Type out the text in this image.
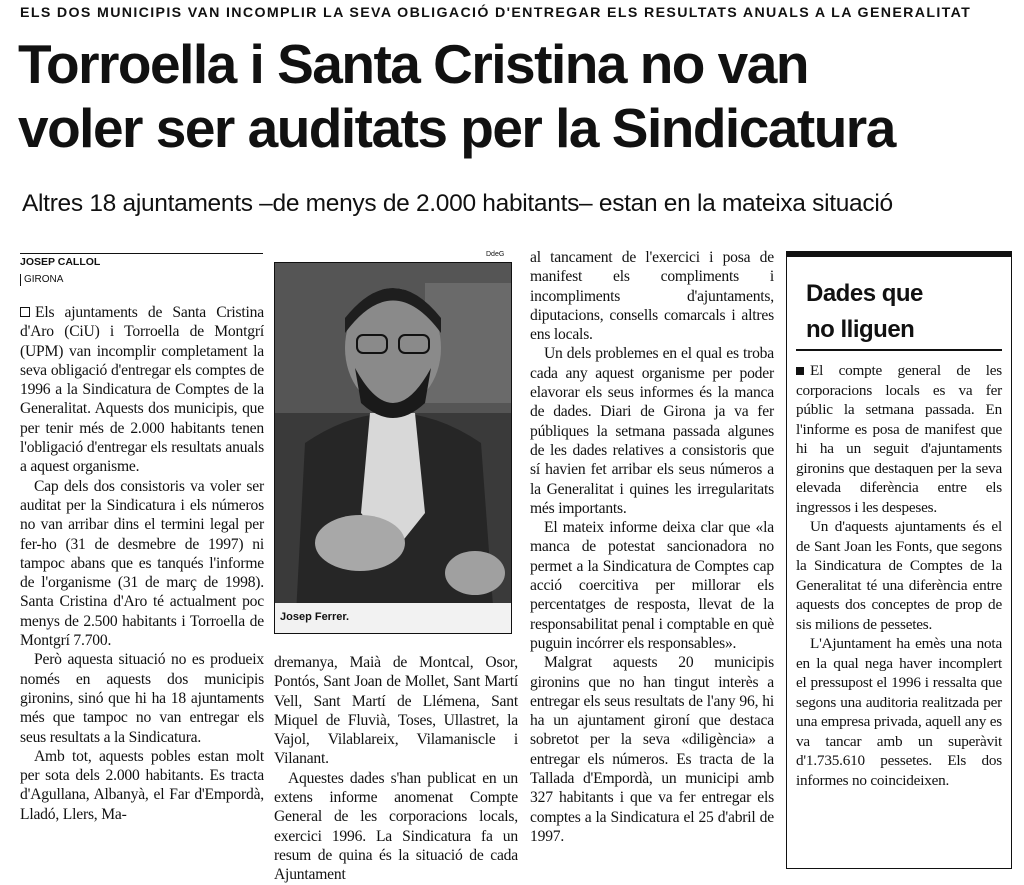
ELS DOS MUNICIPIS VAN INCOMPLIR LA SEVA OBLIGACIÓ D'ENTREGAR ELS RESULTATS ANUALS A LA GENERALITAT
Torroella i Santa Cristina no van
voler ser auditats per la Sindicatura
Altres 18 ajuntaments –de menys de 2.000 habitants– estan en la mateixa situació
JOSEP CALLOL
GIRONA

Els ajuntaments de Santa Cristina d'Aro (CiU) i Torroella de Montgrí (UPM) van incomplir completament la seva obligació d'entregar els comptes de 1996 a la Sindicatura de Comptes de la Generalitat. Aquests dos municipis, que per tenir més de 2.000 habitants tenen l'obligació d'entregar els resultats anuals a aquest organisme.

Cap dels dos consistoris va voler ser auditat per la Sindicatura i els números no van arribar dins el termini legal per fer-ho (31 de desmebre de 1997) ni tampoc abans que es tanqués l'informe de l'organisme (31 de març de 1998). Santa Cristina d'Aro té actualment poc menys de 2.500 habitants i Torroella de Montgrí 7.700.

Però aquesta situació no es produeix només en aquests dos municipis gironins, sinó que hi ha 18 ajuntaments més que tampoc no van entregar els seus resultats a la Sindicatura.

Amb tot, aquests pobles estan molt per sota dels 2.000 habitants. Es tracta d'Agullana, Albanyà, el Far d'Empordà, Lladó, Llers, Ma-

DdeG
Josep Ferrer.

dremanya, Maià de Montcal, Osor, Pontós, Sant Joan de Mollet, Sant Martí Vell, Sant Martí de Llémena, Sant Miquel de Fluvià, Toses, Ullastret, la Vajol, Vilablareix, Vilamaniscle i Vilanant.

Aquestes dades s'han publicat en un extens informe anomenat Compte General de les corporacions locals, exercici 1996. La Sindicatura fa un resum de quina és la situació de cada Ajuntament

al tancament de l'exercici i posa de manifest els compliments i incompliments d'ajuntaments, diputacions, consells comarcals i altres ens locals.

Un dels problemes en el qual es troba cada any aquest organisme per poder elavorar els seus informes és la manca de dades. Diari de Girona ja va fer públiques la setmana passada algunes de les dades relatives a consistoris que sí havien fet arribar els seus números a la Generalitat i quines les irregularitats més importants.

El mateix informe deixa clar que «la manca de potestat sancionadora no permet a la Sindicatura de Comptes cap acció coercitiva per millorar els percentatges de resposta, llevat de la responsabilitat penal i comptable en què puguin incórrer els responsables».

Malgrat aquests 20 municipis gironins que no han tingut interès a entregar els seus resultats de l'any 96, hi ha un ajuntament gironí que destaca sobretot per la seva «diligència» a entregar els números. Es tracta de la Tallada d'Empordà, un municipi amb 327 habitants i que va fer entregar els comptes a la Sindicatura el 25 d'abril de 1997.

Dades que
no lliguen

El compte general de les corporacions locals es va fer públic la setmana passada. En l'informe es posa de manifest que hi ha un seguit d'ajuntaments gironins que destaquen per la seva elevada diferència entre els ingressos i les despeses.

Un d'aquests ajuntaments és el de Sant Joan les Fonts, que segons la Sindicatura de Comptes de la Generalitat té una diferència entre aquests dos conceptes de prop de sis milions de pessetes.

L'Ajuntament ha emès una nota en la qual nega haver incomplert el pressupost el 1996 i ressalta que segons una auditoria realitzada per una empresa privada, aquell any es va tancar amb un superàvit d'1.735.610 pessetes. Els dos informes no coincideixen.
